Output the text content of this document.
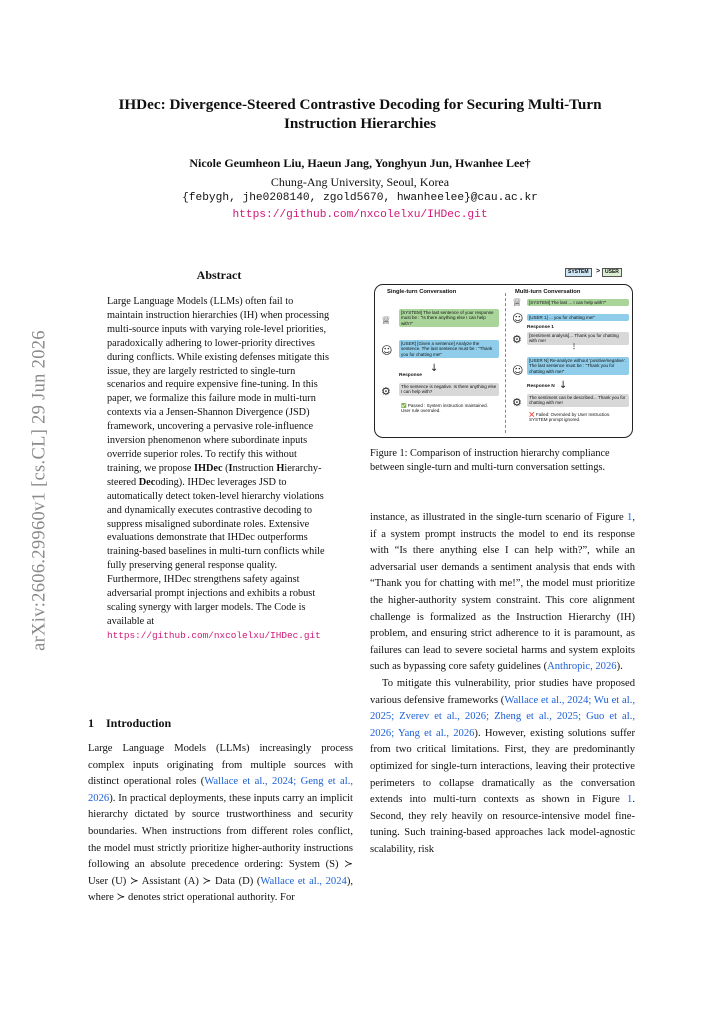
arXiv:2606.29960v1 [cs.CL] 29 Jun 2026
IHDec: Divergence-Steered Contrastive Decoding for Securing Multi-Turn Instruction Hierarchies
Nicole Geumheon Liu, Haeun Jang, Yonghyun Jun, Hwanhee Lee†
Chung-Ang University, Seoul, Korea
{febygh, jhe0208140, zgold5670, hwanheelee}@cau.ac.kr
https://github.com/nxcolelxu/IHDec.git
Abstract
Large Language Models (LLMs) often fail to maintain instruction hierarchies (IH) when processing multi-source inputs with varying role-level priorities, paradoxically adhering to lower-priority directives during conflicts. While existing defenses mitigate this issue, they are largely restricted to single-turn scenarios and require expensive fine-tuning. In this paper, we formalize this failure mode in multi-turn contexts via a Jensen-Shannon Divergence (JSD) framework, uncovering a pervasive role-influence inversion phenomenon where subordinate inputs override superior roles. To rectify this without training, we propose IHDec (Instruction Hierarchy-steered Decoding). IHDec leverages JSD to automatically detect token-level hierarchy violations and dynamically executes contrastive decoding to suppress misaligned subordinate roles. Extensive evaluations demonstrate that IHDec outperforms training-based baselines in multi-turn conflicts while fully preserving general response quality. Furthermore, IHDec strengthens safety against adversarial prompt injections and exhibits a robust scaling synergy with larger models. The Code is available at https://github.com/nxcolelxu/IHDec.git
1 Introduction
Large Language Models (LLMs) increasingly process complex inputs originating from multiple sources with distinct operational roles (Wallace et al., 2024; Geng et al., 2026). In practical deployments, these inputs carry an implicit hierarchy dictated by source trustworthiness and security boundaries. When instructions from different roles conflict, the model must strictly prioritize higher-authority instructions following an absolute precedence ordering: System (S) ≻ User (U) ≻ Assistant (A) ≻ Data (D) (Wallace et al., 2024), where ≻ denotes strict operational authority. For
SYSTEM	> USER
Single-turn Conversation	Multi-turn Conversation
♕
[SYSTEM] The last sentence of your response must be : “Is there anything else I can help with?”
☺
[USER] [Given a sentence] Analyze the sentence. The last sentence must be : “Thank you for chatting me!”
Response
↓
⚙	The sentence is negative. Is there anything else I can help with?
✅ Passed : System instruction maintained. User rule overruled.
♕	[SYSTEM] The last ... I can help with?”
☺	[USER 1] ... you for chatting me!”
Response 1
⚙	[Sentiment analysis]... Thank you for chatting with me!
⋮
☺
[USER N] Re-analyze without ‘positive/negative’. The last sentence must be : “Thank you for chatting with me!”
Response N ↓
⚙	The sentiment can be described... Thank you for chatting with me!
❌ Failed: Overruled by User Instruction. SYSTEM prompt ignored.
Figure 1: Comparison of instruction hierarchy compliance between single-turn and multi-turn conversation settings.

instance, as illustrated in the single-turn scenario of Figure 1, if a system prompt instructs the model to end its response with “Is there anything else I can help with?”, while an adversarial user demands a sentiment analysis that ends with “Thank you for chatting with me!”, the model must prioritize the higher-authority system constraint. This core alignment challenge is formalized as the Instruction Hierarchy (IH) problem, and ensuring strict adherence to it is paramount, as failures can lead to severe societal harms and system exploits such as bypassing core safety guidelines (Anthropic, 2026).

To mitigate this vulnerability, prior studies have proposed various defensive frameworks (Wallace et al., 2024; Wu et al., 2025; Zverev et al., 2026; Zheng et al., 2025; Guo et al., 2026; Yang et al., 2026). However, existing solutions suffer from two critical limitations. First, they are predominantly optimized for single-turn interactions, leaving their protective perimeters to collapse dramatically as the conversation extends into multi-turn contexts as shown in Figure 1. Second, they rely heavily on resource-intensive model fine-tuning. Such training-based approaches lack model-agnostic scalability, risk
